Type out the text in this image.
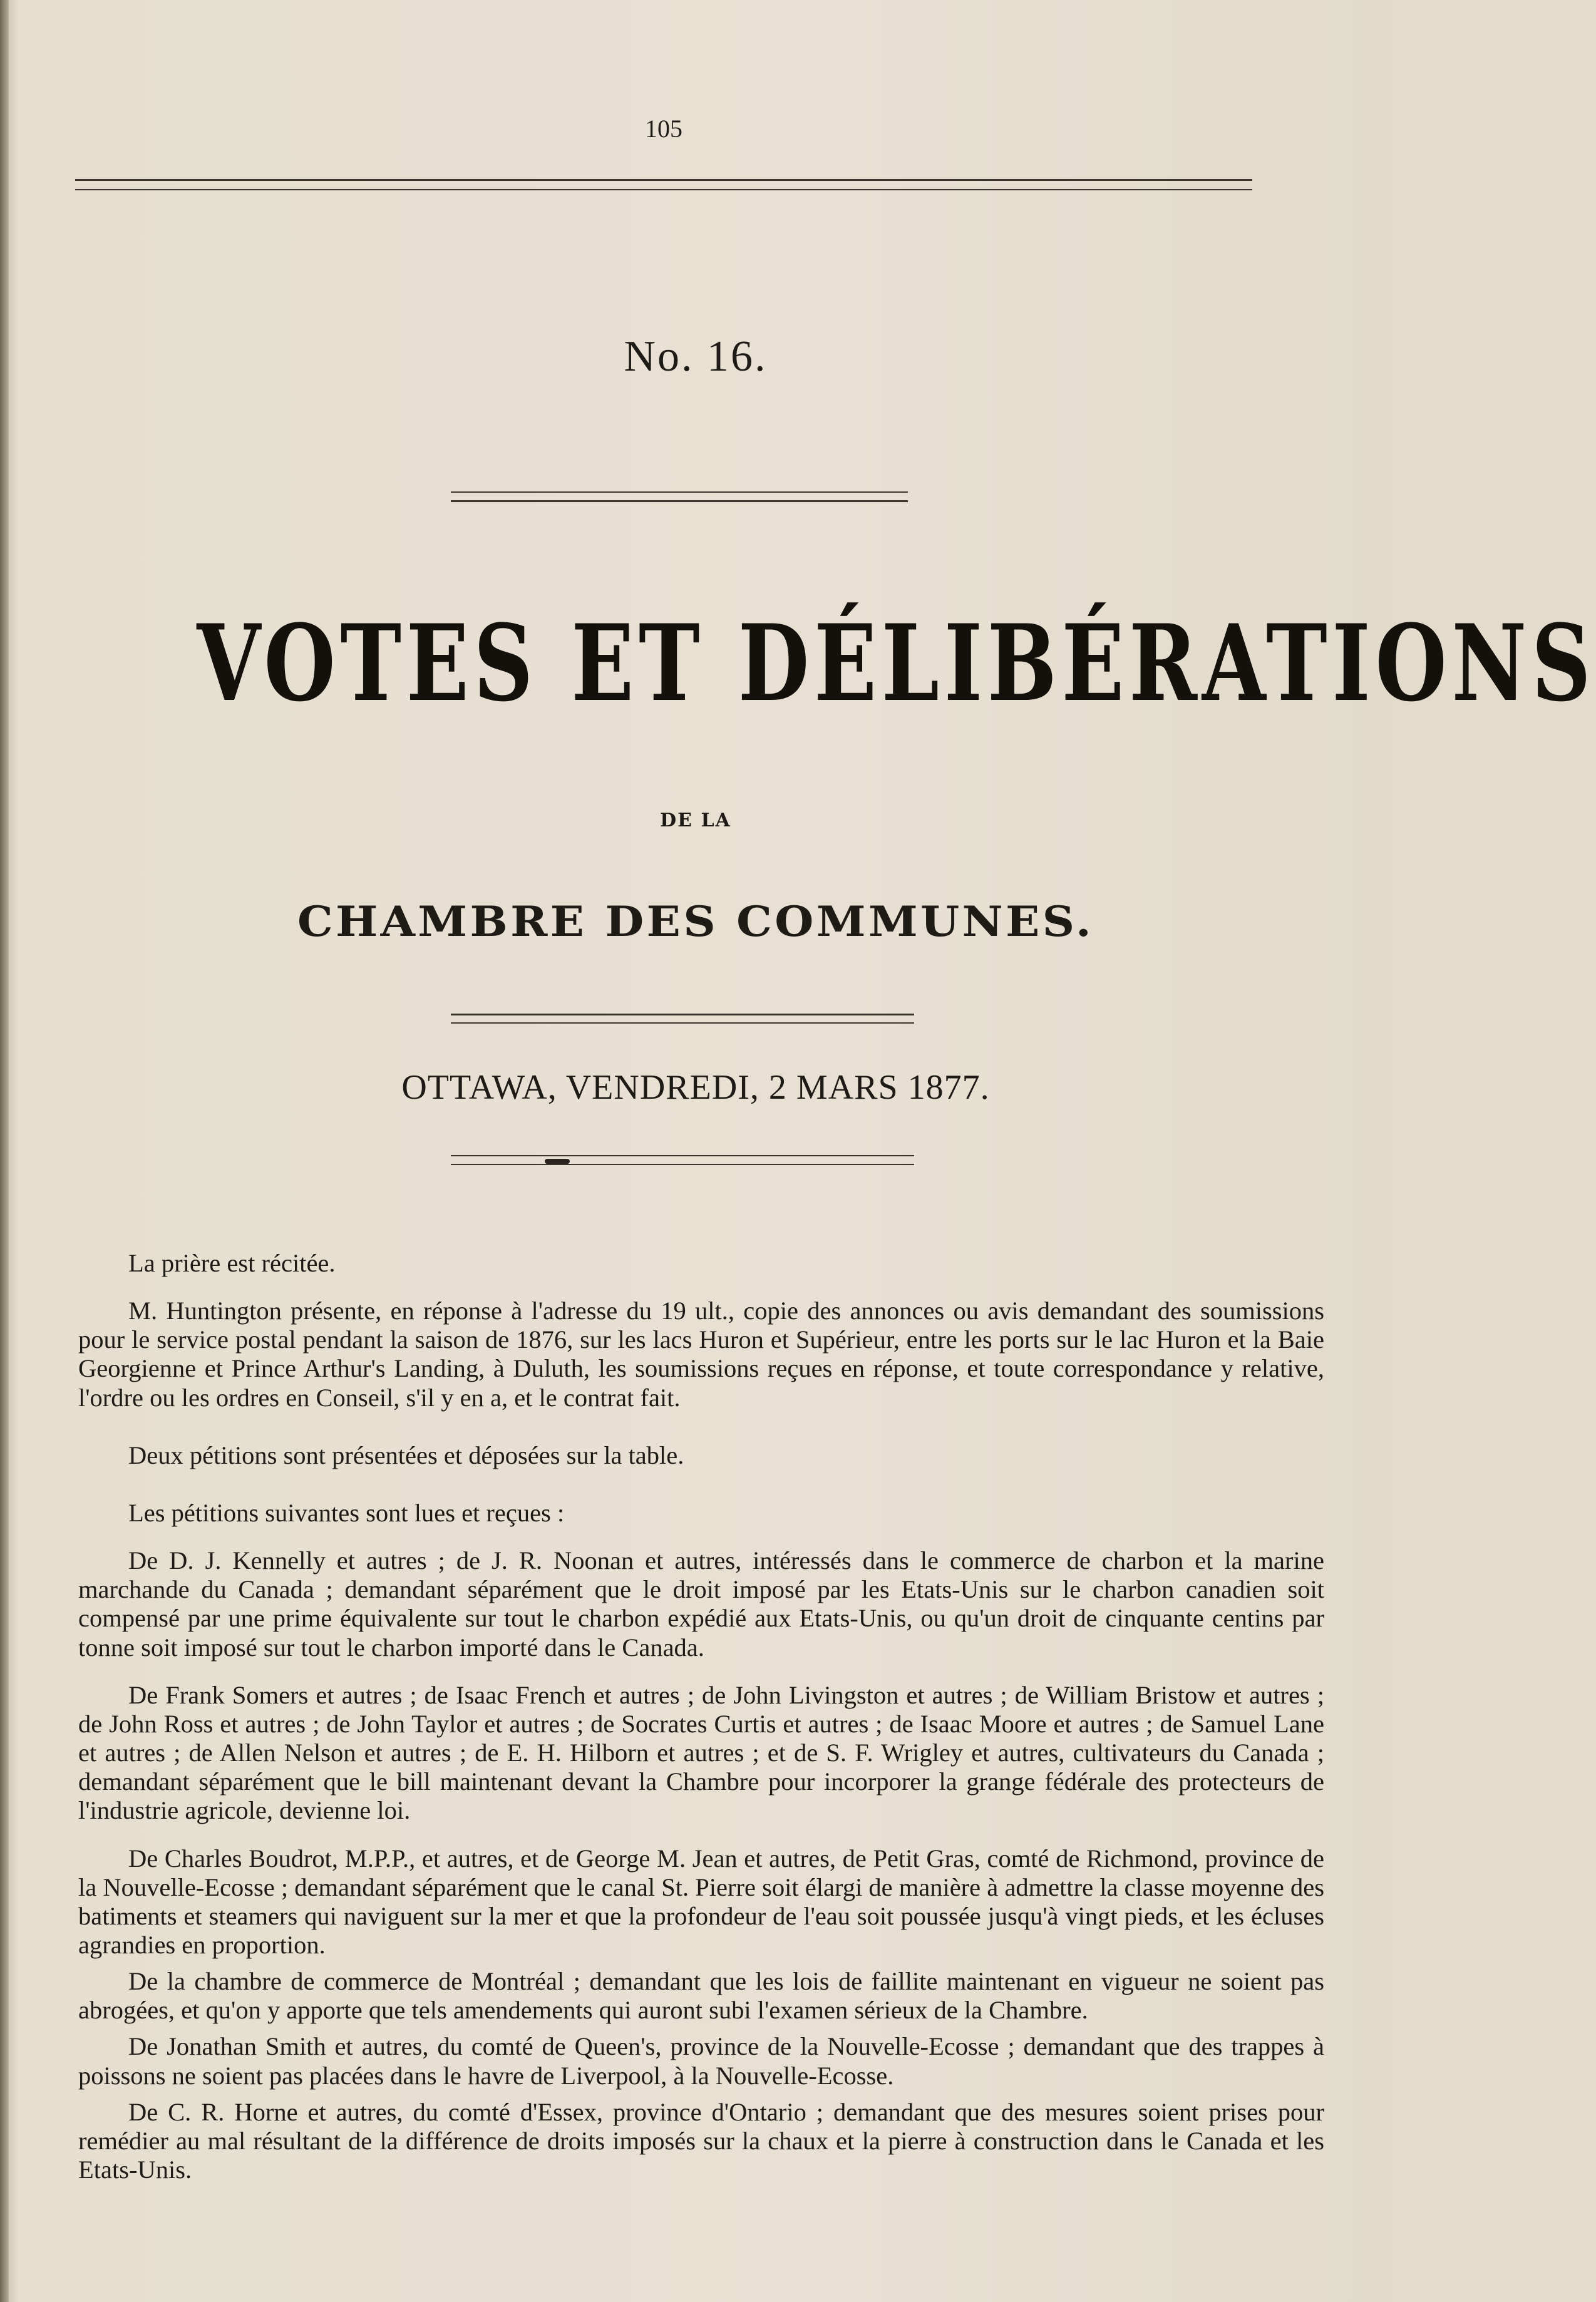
105
No. 16.
VOTES ET DÉLIBÉRATIONS
DE LA
CHAMBRE DES COMMUNES.
OTTAWA, VENDREDI, 2 MARS 1877.

La prière est récitée.

M. Huntington présente, en réponse à l'adresse du 19 ult., copie des annonces ou avis demandant des soumissions pour le service postal pendant la saison de 1876, sur les lacs Huron et Supérieur, entre les ports sur le lac Huron et la Baie Georgienne et Prince Arthur's Landing, à Duluth, les soumissions reçues en réponse, et toute correspondance y relative, l'ordre ou les ordres en Conseil, s'il y en a, et le contrat fait.

Deux pétitions sont présentées et déposées sur la table.

Les pétitions suivantes sont lues et reçues :

De D. J. Kennelly et autres ; de J. R. Noonan et autres, intéressés dans le commerce de charbon et la marine marchande du Canada ; demandant séparément que le droit imposé par les Etats-Unis sur le charbon canadien soit compensé par une prime équivalente sur tout le charbon expédié aux Etats-Unis, ou qu'un droit de cinquante centins par tonne soit imposé sur tout le charbon importé dans le Canada.

De Frank Somers et autres ; de Isaac French et autres ; de John Livingston et autres ; de William Bristow et autres ; de John Ross et autres ; de John Taylor et autres ; de Socrates Curtis et autres ; de Isaac Moore et autres ; de Samuel Lane et autres ; de Allen Nelson et autres ; de E. H. Hilborn et autres ; et de S. F. Wrigley et autres, cultivateurs du Canada ; demandant séparément que le bill maintenant devant la Chambre pour incorporer la grange fédérale des protecteurs de l'industrie agricole, devienne loi.

De Charles Boudrot, M.P.P., et autres, et de George M. Jean et autres, de Petit Gras, comté de Richmond, province de la Nouvelle-Ecosse ; demandant séparément que le canal St. Pierre soit élargi de manière à admettre la classe moyenne des batiments et steamers qui naviguent sur la mer et que la profondeur de l'eau soit poussée jusqu'à vingt pieds, et les écluses agrandies en proportion.

De la chambre de commerce de Montréal ; demandant que les lois de faillite maintenant en vigueur ne soient pas abrogées, et qu'on y apporte que tels amendements qui auront subi l'examen sérieux de la Chambre.

De Jonathan Smith et autres, du comté de Queen's, province de la Nouvelle-Ecosse ; demandant que des trappes à poissons ne soient pas placées dans le havre de Liverpool, à la Nouvelle-Ecosse.

De C. R. Horne et autres, du comté d'Essex, province d'Ontario ; demandant que des mesures soient prises pour remédier au mal résultant de la différence de droits imposés sur la chaux et la pierre à construction dans le Canada et les Etats-Unis.
